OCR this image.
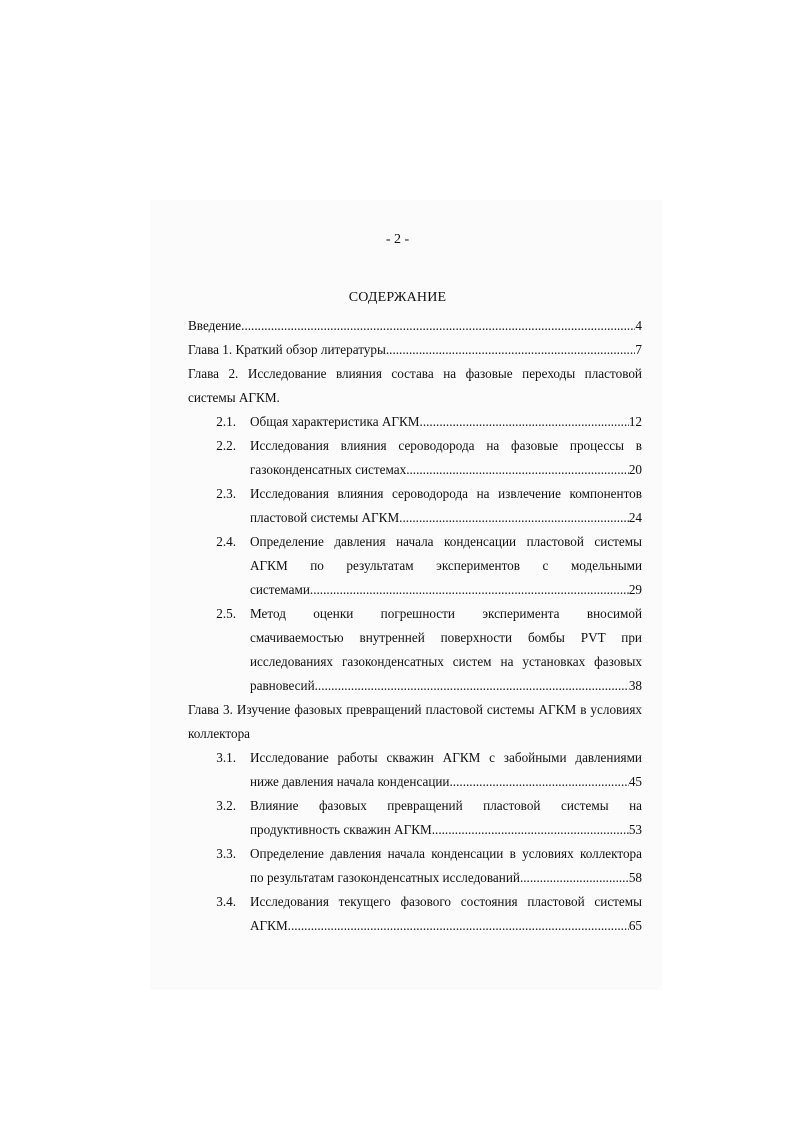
- 2 -
СОДЕРЖАНИЕ
Введение .....	4
Глава 1. Краткий обзор литературы .....	7
Глава 2. Исследование влияния состава на фазовые переходы пластовой
системы АГКМ.
2.1.	Общая характеристика АГКМ .....	12
2.2.	Исследования влияния сероводорода на фазовые процессы в
газоконденсатных системах .....	20
2.3.	Исследования влияния сероводорода на извлечение компонентов
пластовой системы АГКМ .....	24
2.4.	Определение давления начала конденсации пластовой системы
АГКМ по результатам экспериментов с модельными
системами .....	29
2.5.	Метод оценки погрешности эксперимента вносимой
смачиваемостью внутренней поверхности бомбы PVT при
исследованиях газоконденсатных систем на установках фазовых
равновесий .....	38
Глава 3. Изучение фазовых превращений пластовой системы АГКМ в условиях
коллектора
3.1.	Исследование работы скважин АГКМ с забойными давлениями
ниже давления начала конденсации .....	45
3.2.	Влияние фазовых превращений пластовой системы на
продуктивность скважин АГКМ .....	53
3.3.	Определение давления начала конденсации в условиях коллектора
по результатам газоконденсатных исследований .....	58
3.4.	Исследования текущего фазового состояния пластовой системы
АГКМ .....	65
